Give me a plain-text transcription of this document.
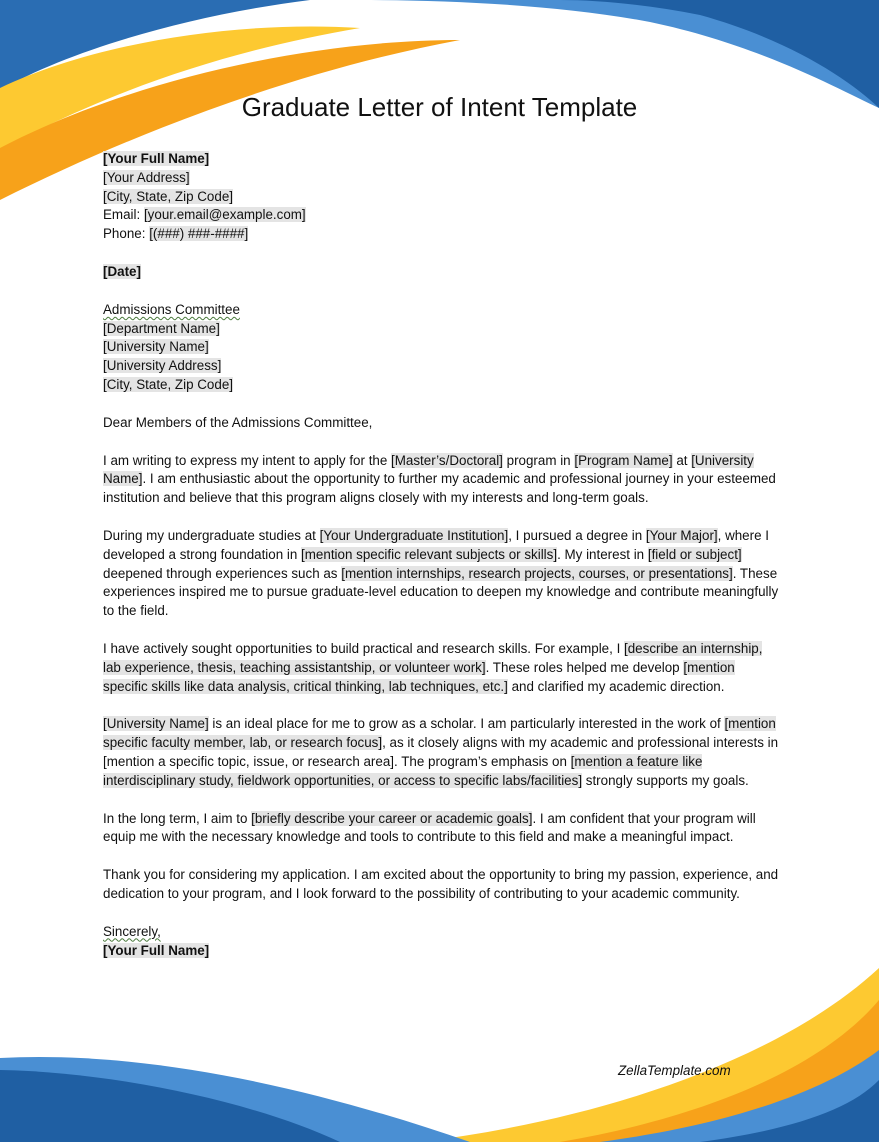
Graduate Letter of Intent Template

[Your Full Name]

[Your Address]

[City, State, Zip Code]

Email: [your.email@example.com]

Phone: [(###) ###-####]

[Date]

Admissions Committee

[Department Name]

[University Name]

[University Address]

[City, State, Zip Code]

Dear Members of the Admissions Committee,

I am writing to express my intent to apply for the [Master’s/Doctoral] program in [Program Name] at [University Name]. I am enthusiastic about the opportunity to further my academic and professional journey in your esteemed institution and believe that this program aligns closely with my interests and long-term goals.

During my undergraduate studies at [Your Undergraduate Institution], I pursued a degree in [Your Major], where I developed a strong foundation in [mention specific relevant subjects or skills]. My interest in [field or subject] deepened through experiences such as [mention internships, research projects, courses, or presentations]. These experiences inspired me to pursue graduate-level education to deepen my knowledge and contribute meaningfully to the field.

I have actively sought opportunities to build practical and research skills. For example, I [describe an internship, lab experience, thesis, teaching assistantship, or volunteer work]. These roles helped me develop [mention specific skills like data analysis, critical thinking, lab techniques, etc.] and clarified my academic direction.

[University Name] is an ideal place for me to grow as a scholar. I am particularly interested in the work of [mention specific faculty member, lab, or research focus], as it closely aligns with my academic and professional interests in [mention a specific topic, issue, or research area]. The program’s emphasis on [mention a feature like interdisciplinary study, fieldwork opportunities, or access to specific labs/facilities] strongly supports my goals.

In the long term, I aim to [briefly describe your career or academic goals]. I am confident that your program will equip me with the necessary knowledge and tools to contribute to this field and make a meaningful impact.

Thank you for considering my application. I am excited about the opportunity to bring my passion, experience, and dedication to your program, and I look forward to the possibility of contributing to your academic community.

Sincerely,

[Your Full Name]

ZellaTemplate.com
